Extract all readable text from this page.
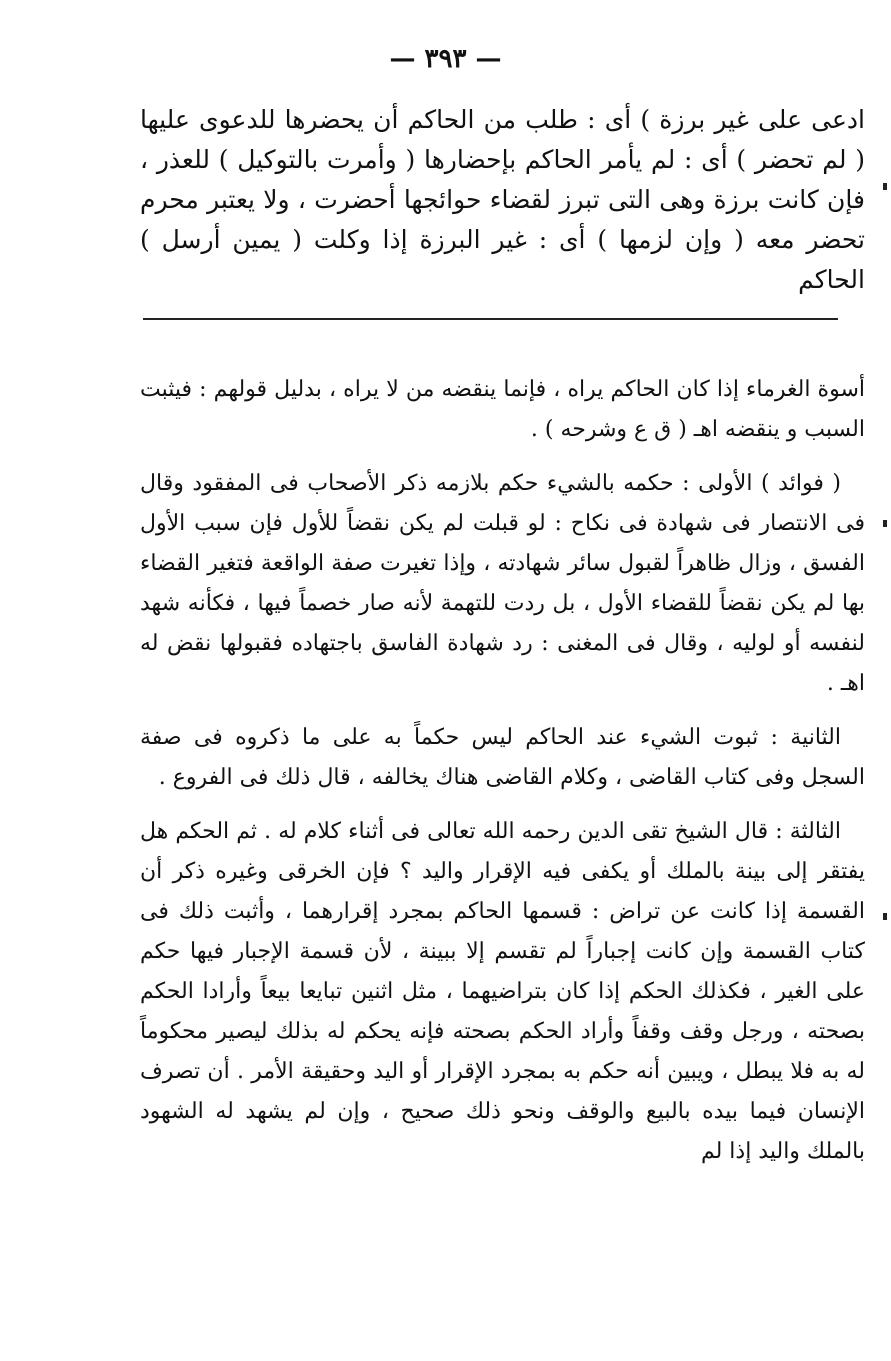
— ٣٩٣ —
ادعى على غير برزة ) أى : طلب من الحاكم أن يحضرها للدعوى عليها ( لم تحضر ) أى : لم يأمر الحاكم بإحضارها ( وأمرت بالتوكيل ) للعذر ، فإن كانت برزة وهى التى تبرز لقضاء حوائجها أحضرت ، ولا يعتبر محرم تحضر معه ( وإن لزمها ) أى : غير البرزة إذا وكلت ( يمين أرسل ) الحاكم

أسوة الغرماء إذا كان الحاكم يراه ، فإنما ينقضه من لا يراه ، بدليل قولهم : فيثبت السبب و ينقضه اهـ ( ق ع وشرحه ) .

( فوائد ) الأولى : حكمه بالشيء حكم بلازمه ذكر الأصحاب فى المفقود وقال فى الانتصار فى شهادة فى نكاح : لو قبلت لم يكن نقضاً للأول فإن سبب الأول الفسق ، وزال ظاهراً لقبول سائر شهادته ، وإذا تغيرت صفة الواقعة فتغير القضاء بها لم يكن نقضاً للقضاء الأول ، بل ردت للتهمة لأنه صار خصماً فيها ، فكأنه شهد لنفسه أو لوليه ، وقال فى المغنى : رد شهادة الفاسق باجتهاده فقبولها نقض له اهـ .

الثانية : ثبوت الشيء عند الحاكم ليس حكماً به على ما ذكروه فى صفة السجل وفى كتاب القاضى ، وكلام القاضى هناك يخالفه ، قال ذلك فى الفروع .

الثالثة : قال الشيخ تقى الدين رحمه الله تعالى فى أثناء كلام له . ثم الحكم هل يفتقر إلى بينة بالملك أو يكفى فيه الإقرار واليد ؟ فإن الخرقى وغيره ذكر أن القسمة إذا كانت عن تراض : قسمها الحاكم بمجرد إقرارهما ، وأثبت ذلك فى كتاب القسمة وإن كانت إجباراً لم تقسم إلا ببينة ، لأن قسمة الإجبار فيها حكم على الغير ، فكذلك الحكم إذا كان بتراضيهما ، مثل اثنين تبايعا بيعاً وأرادا الحكم بصحته ، ورجل وقف وقفاً وأراد الحكم بصحته فإنه يحكم له بذلك ليصير محكوماً له به فلا يبطل ، ويبين أنه حكم به بمجرد الإقرار أو اليد وحقيقة الأمر . أن تصرف الإنسان فيما بيده بالبيع والوقف ونحو ذلك صحيح ، وإن لم يشهد له الشهود بالملك واليد إذا لم
